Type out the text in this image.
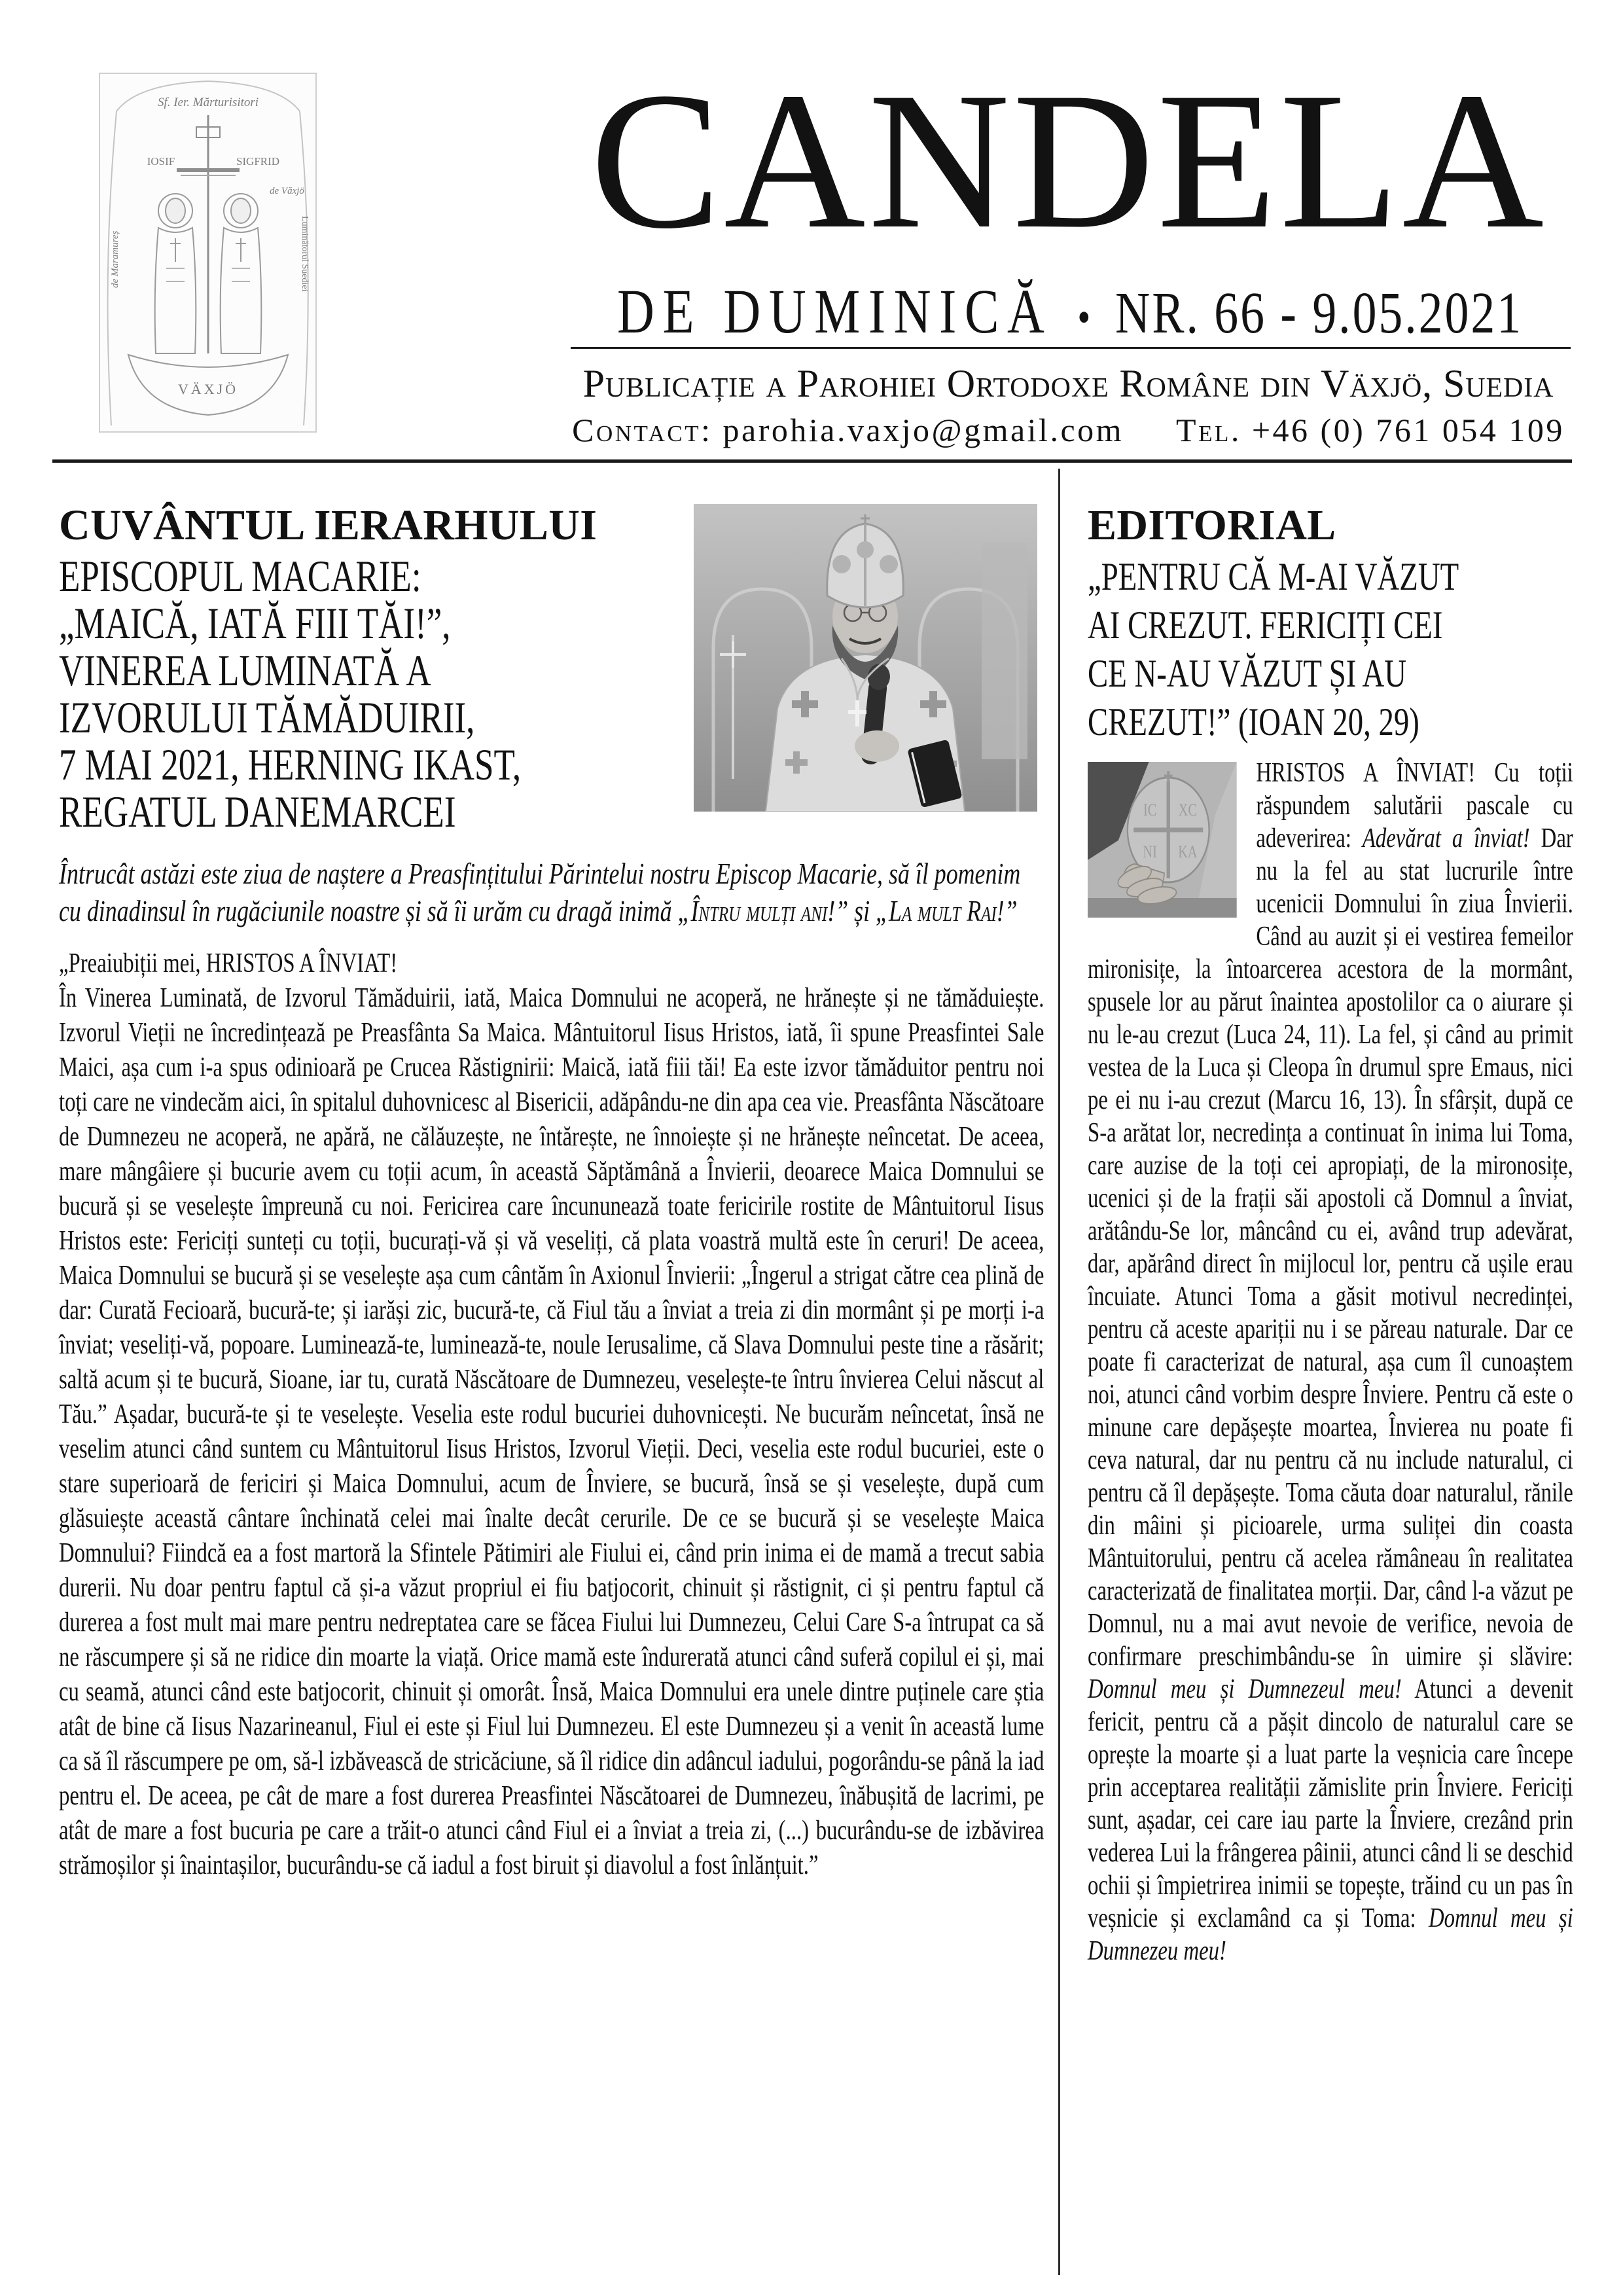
Sf. Ier. Mărturisitori
IOSIF	SIGFRID
de Maramureș
de Văxjö
Luminătorul Suediei
VÄXJÖ
CANDELA
DE DUMINICĂ • NR. 66 - 9.05.2021
Publicație a Parohiei Ortodoxe Române din Växjö, Suedia
Contact: parohia.vaxjo@gmail.com Tel. +46 (0) 761 054 109
CUVÂNTUL IERARHULUI
EPISCOPUL MACARIE:
„MAICĂ, IATĂ FIII TĂI!”,
VINEREA LUMINATĂ A
IZVORULUI TĂMĂDUIRII,
7 MAI 2021, HERNING IKAST,
REGATUL DANEMARCEI
Întrucât astăzi este ziua de naștere a Preasfințitului Părintelui nostru Episcop Macarie, să îl pomenim cu dinadinsul în rugăciunile noastre și să îi urăm cu dragă inimă „Întru mulți ani!” și „La mult Rai!”
„Preaiubiții mei, HRISTOS A ÎNVIAT!
În Vinerea Luminată, de Izvorul Tămăduirii, iată, Maica Domnului ne acoperă, ne hrănește și ne tămăduiește. Izvorul Vieții ne încredințează pe Preasfânta Sa Maica. Mântuitorul Iisus Hristos, iată, îi spune Preasfintei Sale Maici, așa cum i-a spus odinioară pe Crucea Răstignirii: Maică, iată fiii tăi! Ea este izvor tămăduitor pentru noi toți care ne vindecăm aici, în spitalul duhovnicesc al Bisericii, adăpându-ne din apa cea vie. Preasfânta Născătoare de Dumnezeu ne acoperă, ne apără, ne călăuzește, ne întărește, ne înnoiește și ne hrănește neîncetat. De aceea, mare mângâiere și bucurie avem cu toții acum, în această Săptămână a Învierii, deoarece Maica Domnului se bucură și se veselește împreună cu noi. Fericirea care încununează toate fericirile rostite de Mântuitorul Iisus Hristos este: Fericiți sunteți cu toții, bucurați-vă și vă veseliți, că plata voastră multă este în ceruri! De aceea, Maica Domnului se bucură și se veselește așa cum cântăm în Axionul Învierii: „Îngerul a strigat către cea plină de dar: Curată Fecioară, bucură-te; și iarăși zic, bucură-te, că Fiul tău a înviat a treia zi din mormânt și pe morți i-a înviat; veseliți-vă, popoare. Luminează-te, luminează-te, noule Ierusalime, că Slava Domnului peste tine a răsărit; saltă acum și te bucură, Sioane, iar tu, curată Născătoare de Dumnezeu, veselește-te întru învierea Celui născut al Tău.” Așadar, bucură-te și te veselește. Veselia este rodul bucuriei duhovnicești. Ne bucurăm neîncetat, însă ne veselim atunci când suntem cu Mântuitorul Iisus Hristos, Izvorul Vieții. Deci, veselia este rodul bucuriei, este o stare superioară de fericiri și Maica Domnului, acum de Înviere, se bucură, însă se și veselește, după cum glăsuiește această cântare închinată celei mai înalte decât cerurile. De ce se bucură și se veselește Maica Domnului? Fiindcă ea a fost martoră la Sfintele Pătimiri ale Fiului ei, când prin inima ei de mamă a trecut sabia durerii. Nu doar pentru faptul că și-a văzut propriul ei fiu batjocorit, chinuit și răstignit, ci și pentru faptul că durerea a fost mult mai mare pentru nedreptatea care se făcea Fiului lui Dumnezeu, Celui Care S-a întrupat ca să ne răscumpere și să ne ridice din moarte la viață. Orice mamă este îndurerată atunci când suferă copilul ei și, mai cu seamă, atunci când este batjocorit, chinuit și omorât. Însă, Maica Domnului era unele dintre puținele care știa atât de bine că Iisus Nazarineanul, Fiul ei este și Fiul lui Dumnezeu. El este Dumnezeu și a venit în această lume ca să îl răscumpere pe om, să-l izbăvească de stricăciune, să îl ridice din adâncul iadului, pogorându-se până la iad pentru el. De aceea, pe cât de mare a fost durerea Preasfintei Născătoarei de Dumnezeu, înăbușită de lacrimi, pe atât de mare a fost bucuria pe care a trăit-o atunci când Fiul ei a înviat a treia zi, (...) bucurându-se de izbăvirea strămoșilor și înaintașilor, bucurându-se că iadul a fost biruit și diavolul a fost înlănțuit.”
EDITORIAL
„PENTRU CĂ M-AI VĂZUT
AI CREZUT. FERICIȚI CEI
CE N-AU VĂZUT ȘI AU
CREZUT!” (IOAN 20, 29)
IC XC
NI KA
HRISTOS A ÎNVIAT! Cu toții răspundem salutării pascale cu adeverirea: Adevărat a înviat! Dar nu la fel au stat lucrurile între ucenicii Domnului în ziua Învierii. Când au auzit și ei vestirea femeilor mironisițe, la întoarcerea acestora de la mormânt, spusele lor au părut înaintea apostolilor ca o aiurare și nu le-au crezut (Luca 24, 11). La fel, și când au primit vestea de la Luca și Cleopa în drumul spre Emaus, nici pe ei nu i-au crezut (Marcu 16, 13). În sfârșit, după ce S-a arătat lor, necredința a continuat în inima lui Toma, care auzise de la toți cei apropiați, de la mironosițe, ucenici și de la frații săi apostoli că Domnul a înviat, arătându-Se lor, mâncând cu ei, având trup adevărat, dar, apărând direct în mijlocul lor, pentru că ușile erau încuiate. Atunci Toma a găsit motivul necredinței, pentru că aceste apariții nu i se păreau naturale. Dar ce poate fi caracterizat de natural, așa cum îl cunoaștem noi, atunci când vorbim despre Înviere. Pentru că este o minune care depășește moartea, Învierea nu poate fi ceva natural, dar nu pentru că nu include naturalul, ci pentru că îl depășește. Toma căuta doar naturalul, rănile din mâini și picioarele, urma suliței din coasta Mântuitorului, pentru că acelea rămâneau în realitatea caracterizată de finalitatea morții. Dar, când l-a văzut pe Domnul, nu a mai avut nevoie de verifice, nevoia de confirmare preschimbându-se în uimire și slăvire: Domnul meu și Dumnezeul meu! Atunci a devenit fericit, pentru că a pășit dincolo de naturalul care se oprește la moarte și a luat parte la veșnicia care începe prin acceptarea realității zămislite prin Înviere. Fericiți sunt, așadar, cei care iau parte la Înviere, crezând prin vederea Lui la frângerea pâinii, atunci când li se deschid ochii și împietrirea inimii se topește, trăind cu un pas în veșnicie și exclamând ca și Toma: Domnul meu și Dumnezeu meu!
